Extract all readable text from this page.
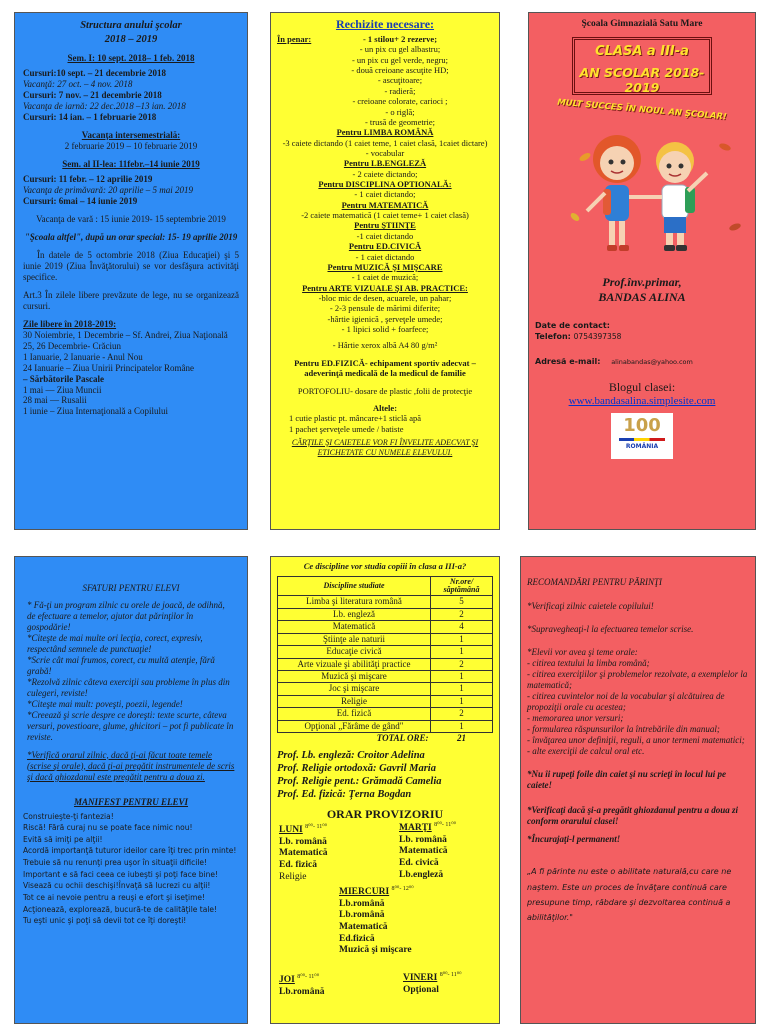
Structura anului şcolar
2018 – 2019
Sem. I: 10 sept. 2018– 1 feb. 2018
Cursuri:10 sept. – 21 decembrie 2018
Vacanţă: 27 oct. – 4 nov. 2018
Cursuri: 7 nov. – 21 decembrie 2018
Vacanţa de iarnă: 22 dec.2018 –13 ian. 2018
Cursuri: 14 ian. – 1 februarie 2018
Vacanţa intersemestrială:
2 februarie 2019 – 10 februarie 2019
Sem. al II-lea: 11febr.–14 iunie 2019
Cursuri: 11 febr. – 12 aprilie 2019
Vacanţa de primăvară: 20 aprilie – 5 mai 2019
Cursuri: 6mai – 14 iunie 2019
Vacanţa de vară : 15 iunie 2019- 15 septembrie 2019
"Şcoala altfel", după un orar special: 15- 19 aprilie 2019
În datele de 5 octombrie 2018 (Ziua Educaţiei) şi 5 iunie 2019 (Ziua Învăţătorului) se vor desfăşura activităţi specifice.
Art.3 În zilele libere prevăzute de lege, nu se organizează cursuri.
Zile libere în 2018-2019:
30 Noiembrie, 1 Decembrie – Sf. Andrei, Ziua Naţională
25, 26 Decembrie- Crăciun
1 Ianuarie, 2 Ianuarie - Anul Nou
24 Ianuarie – Ziua Unirii Principatelor Române
– Sărbătorile Pascale
1 mai — Ziua Muncii
28 mai — Rusalii
1 iunie – Ziua Internaţională a Copilului
Rechizite necesare:
În penar:	- 1 stilou+ 2 rezerve;
- un pix cu gel albastru;
- un pix cu gel verde, negru;
- două creioane ascuţite HD;
- ascuţitoare;
- radieră;
- creioane colorate, carioci ;
- o riglă;
- trusă de geometrie;
Pentru LIMBA ROMÂNĂ
-3 caiete dictando (1 caiet teme, 1 caiet clasă, 1caiet dictare)
- vocabular
Pentru LB.ENGLEZĂ
- 2 caiete dictando;
Pentru DISCIPLINA OPTIONALĂ:
- 1 caiet dictando;
Pentru MATEMATICĂ
-2 caiete matematică (1 caiet teme+ 1 caiet clasă)
Pentru ŞTIINŢE
-1 caiet dictando
Pentru ED.CIVICĂ
- 1 caiet dictando
Pentru MUZICĂ ŞI MIŞCARE
- 1 caiet de muzică;
Pentru ARTE VIZUALE ŞI AB. PRACTICE:
-bloc mic de desen, acuarele, un pahar;
- 2-3 pensule de mărimi diferite;
-hârtie igienică , şerveţele umede;
- 1 lipici solid + foarfece;
- Hârtie xerox albă A4 80 g/m²
Pentru ED.FIZICĂ- echipament sportiv adecvat – adeverinţă medicală de la medicul de familie
PORTOFOLIU- dosare de plastic ,folii de protecţie
Altele:
1 cutie plastic pt. mâncare+1 sticlă apă
1 pachet şerveţele umede / batiste
CĂRŢILE ŞI CAIETELE VOR FI ÎNVELITE ADECVAT ŞI ETICHETATE CU NUMELE ELEVULUI.
Şcoala Gimnazială Satu Mare
CLASA a III-a
AN SCOLAR 2018-2019
MULT SUCCES ÎN NOUL AN ŞCOLAR!
Prof.înv.primar,
BANDAS ALINA
Date de contact:
Telefon: 0754397358
Adresă e-mail: alinabandas@yahoo.com
Blogul clasei:
www.bandasalina.simplesite.com
100
ROMÂNIA
SFATURI PENTRU ELEVI
* Fă-ţi un program zilnic cu orele de joacă, de odihnă, de efectuare a temelor, ajutor dat părinţilor în gospodărie!
*Citeşte de mai multe ori lecţia, corect, expresiv, respectând semnele de punctuaţie!
*Scrie cât mai frumos, corect, cu multă atenţie, fără grabă!
*Rezolvă zilnic câteva exerciţii sau probleme în plus din culegeri, reviste!
*Citeşte mai mult: poveşti, poezii, legende!
*Creează şi scrie despre ce doreşti: texte scurte, câteva versuri, povestioare, glume, ghicitori – pot fi publicate în reviste.
*Verifică orarul zilnic, dacă ţi-ai făcut toate temele (scrise şi orale), dacă ţi-ai pregătit instrumentele de scris şi dacă ghiozdanul este pregătit pentru a doua zi.
MANIFEST PENTRU ELEVI
Construieşte-ţi fantezia!
Riscă! Fără curaj nu se poate face nimic nou!
Evită să imiţi pe alţii!
Acordă importanţă tuturor ideilor care îţi trec prin minte!
Trebuie să nu renunţi prea uşor în situaţii dificile!
Important e să faci ceea ce iubeşti şi poţi face bine!
Visează cu ochii deschişi!Învaţă să lucrezi cu alţii!
Tot ce ai nevoie pentru a reuşi e efort şi iseţime!
Acţionează, explorează, bucură-te de calităţile tale!
Tu eşti unic şi poţi să devii tot ce îţi doreşti!
Ce discipline vor studia copiii în clasa a III-a?
Discipline studiate	Nr.ore/ săptămână
Limba şi literatura română	5
Lb. engleză	2
Matematică	4
Ştiinţe ale naturii	1
Educaţie civică	1
Arte vizuale şi abilităţi practice	2
Muzică şi mişcare	1
Joc şi mişcare	1
Religie	1
Ed. fizică	2
Opţional „Fărâme de gând"	1
TOTAL ORE:	21
Prof. Lb. engleză: Croitor Adelina
Prof. Religie ortodoxă: Gavril Maria
Prof. Religie pent.: Grămadă Camelia
Prof. Ed. fizică: Ţerna Bogdan
ORAR PROVIZORIU
LUNI $^{8^{00}- 11^{00}}$
Lb. română
Matematică
Ed. fizică
Religie
MARŢI $^{8^{00}- 11^{00}}$
Lb. română
Matematică
Ed. civică
Lb.engleză
MIERCURI $^{8^{00}- 12^{00}}$
Lb.română
Lb.română
Matematică
Ed.fizică
Muzică şi mişcare
JOI $^{8^{00}- 11^{00}}$
Lb.română
VINERI $^{8^{00}- 11^{00}}$
Opţional
RECOMANDĂRI PENTRU PĂRINŢI
*Verificaţi zilnic caietele copilului!
*Supravegheaţi-l la efectuarea temelor scrise.
*Elevii vor avea şi teme orale:
- citirea textului la limba română;
- citirea exerciţiilor şi problemelor rezolvate, a exemplelor la matematică;
- citirea cuvintelor noi de la vocabular şi alcătuirea de propoziţii orale cu acestea;
- memorarea unor versuri;
- formularea răspunsurilor la întrebările din manual;
- învăţarea unor definiţii, reguli, a unor termeni matematici;
- alte exerciţii de calcul oral etc.
*Nu îi rupeţi foile din caiet şi nu scrieţi în locul lui pe caiete!
*Verificaţi dacă şi-a pregătit ghiozdanul pentru a doua zi conform orarului clasei!
*Încurajaţi-l permanent!
„A fi părinte nu este o abilitate naturală,cu care ne naştem. Este un proces de învăţare continuă care presupune timp, răbdare şi dezvoltarea continuă a abilităţilor."
